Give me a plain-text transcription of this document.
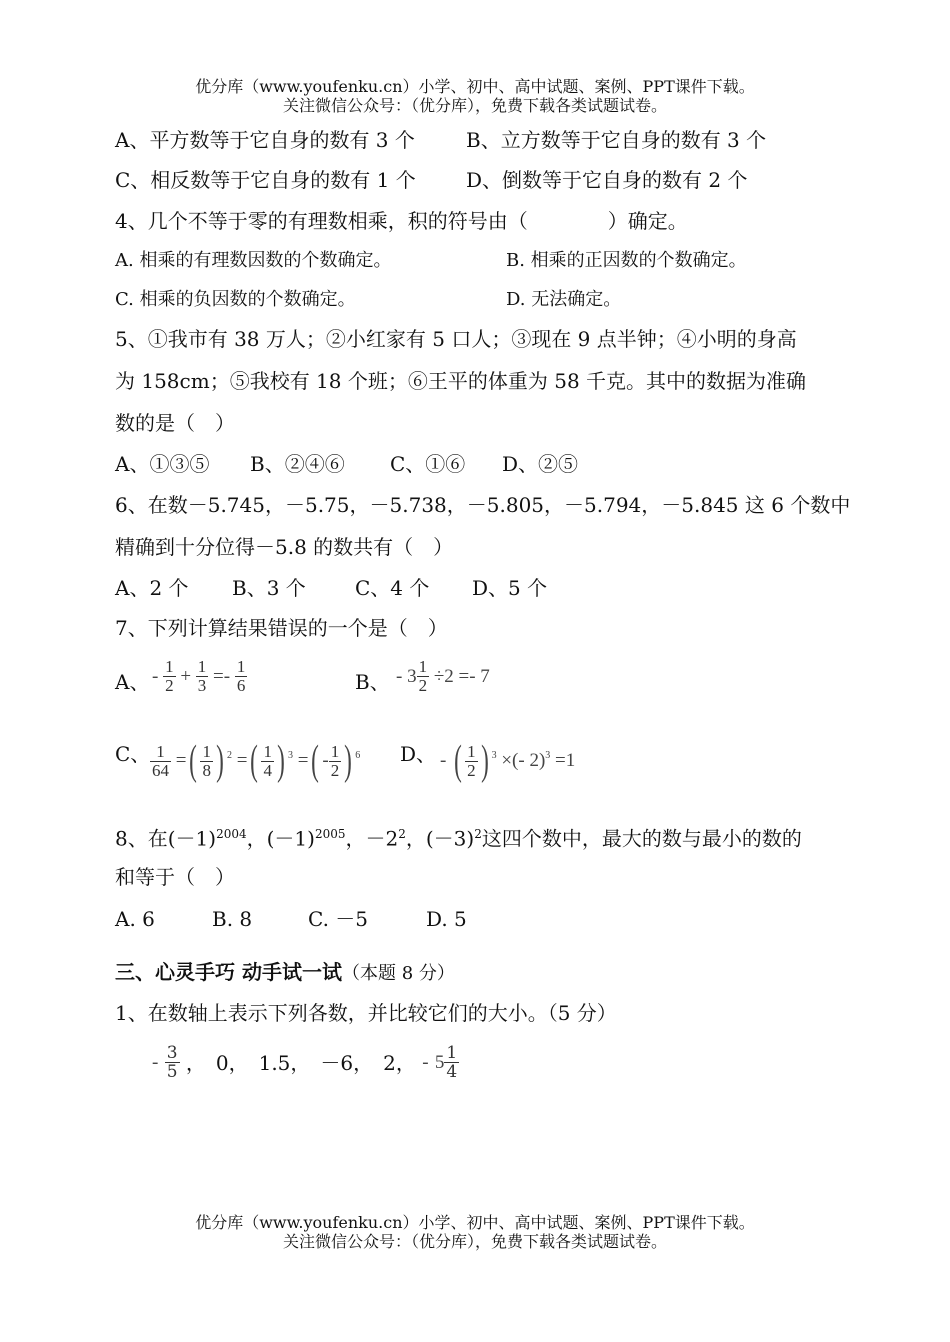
优分库（www.youfenku.cn）小学、初中、高中试题、案例、PPT课件下载。
关注微信公众号：（优分库），免费下载各类试题试卷。
A、平方数等于它自身的数有 3 个	B、立方数等于它自身的数有 3 个
C、相反数等于它自身的数有 1 个	D、倒数等于它自身的数有 2 个
4、几个不等于零的有理数相乘，积的符号由（　　　　）确定。
A. 相乘的有理数因数的个数确定。	B. 相乘的正因数的个数确定。
C. 相乘的负因数的个数确定。	D. 无法确定。
5、①我市有 38 万人；②小红家有 5 口人；③现在 9 点半钟；④小明的身高
为 158cm；⑤我校有 18 个班；⑥王平的体重为 58 千克。其中的数据为准确
数的是（　）
A、①③⑤ B、②④⑥ C、①⑥ D、②⑤
6、在数－5.745，－5.75，－5.738，－5.805，－5.794，－5.845 这 6 个数中
精确到十分位得－5.8 的数共有（　）
A、2 个 B、3 个 C、4 个 D、5 个
7、下列计算结果错误的一个是（　）
A、 - $\frac{1}{2} + \frac{1}{3} =- \frac{1}{6}$	B、 - $3 \frac{1}{2} \div 2 =- 7$
C、 $\frac{1}{64}$ =( $\frac{1}{8}$ ) $^2$ =( $\frac{1}{4}$ ) $^3$ =( - $\frac{1}{2}$ ) $^6$ D、 - ( $\frac{1}{2}$ ) $^3$ ×(- 2)$^3$ =1
8、在$(-1)^{2004}$，$(-1)^{2005}$，$-2^2$，$(-3)^2$这四个数中，最大的数与最小的数的
和等于（　）
A. 6	B. 8	C. －5	D. 5
三、心灵手巧 动手试一试（本题 8 分）
1、在数轴上表示下列各数，并比较它们的大小。（5 分）
- $\frac{3}{5}$ ，　0，　1.5，　－6，　2， - $5 \frac{1}{4}$
优分库（www.youfenku.cn）小学、初中、高中试题、案例、PPT课件下载。
关注微信公众号：（优分库），免费下载各类试题试卷。
